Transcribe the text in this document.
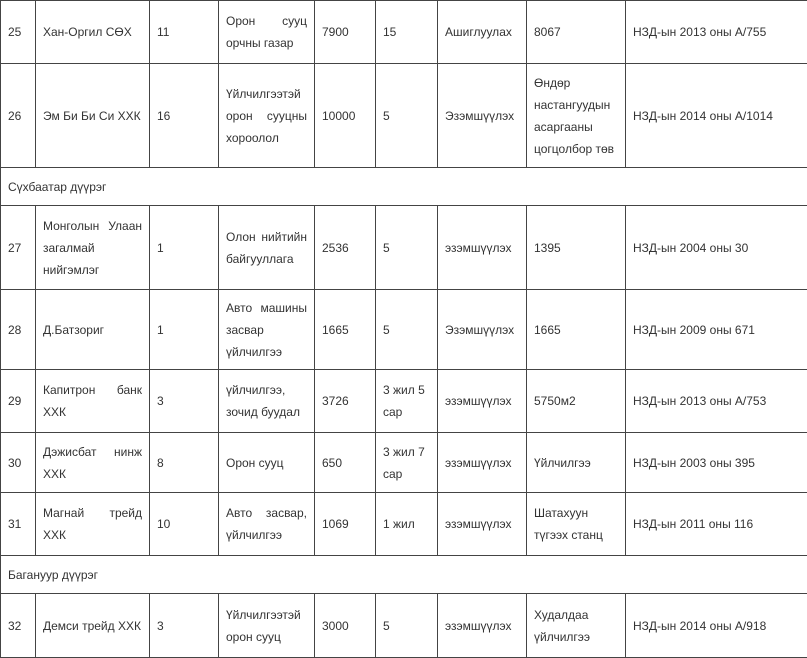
25	Хан-Оргил СӨХ	11	Орон сууц орчны газар	7900	15	Ашиглуулах	8067	НЗД-ын 2013 оны А/755
26	Эм Би Би Си ХХК	16	Үйлчилгээтэй орон сууцны хороолол	10000	5	Эзэмшүүлэх	Өндөр настангуудын асаргааны цогцолбор төв	НЗД-ын 2014 оны А/1014
Сүхбаатар дүүрэг								
27	Монголын Улаан загалмай нийгэмлэг	1	Олон нийтийн байгууллага	2536	5	эзэмшүүлэх	1395	НЗД-ын 2004 оны 30
28	Д.Батзориг	1	Авто машины засвар үйлчилгээ	1665	5	Эзэмшүүлэх	1665	НЗД-ын 2009 оны 671
29	Капитрон банк ХХК	3	үйлчилгээ, зочид буудал	3726	3 жил 5 сар	эзэмшүүлэх	5750м2	НЗД-ын 2013 оны А/753
30	Дэжисбат нинж ХХК	8	Орон сууц	650	3 жил 7 сар	эзэмшүүлэх	Үйлчилгээ	НЗД-ын 2003 оны 395
31	Магнай трейд ХХК	10	Авто засвар, үйлчилгээ	1069	1 жил	эзэмшүүлэх	Шатахуун түгээх станц	НЗД-ын 2011 оны 116
Багануур дүүрэг								
32	Демси трейд ХХК	3	Үйлчилгээтэй орон сууц	3000	5	эзэмшүүлэх	Худалдаа үйлчилгээ	НЗД-ын 2014 оны А/918
